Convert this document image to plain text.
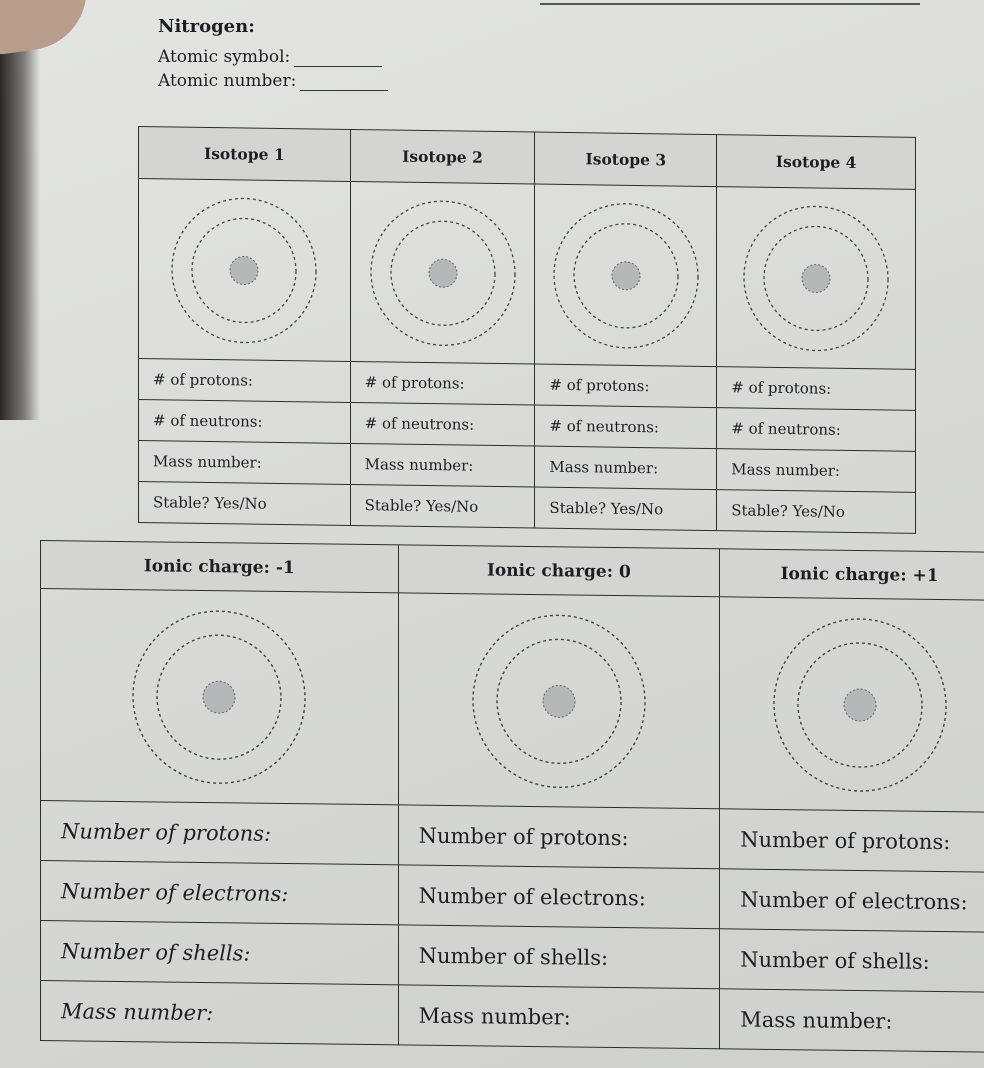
Nitrogen:
Atomic symbol:
Atomic number:
Isotope 1	Isotope 2	Isotope 3	Isotope 4

# of protons:	# of protons:	# of protons:	# of protons:
# of neutrons:	# of neutrons:	# of neutrons:	# of neutrons:
Mass number:	Mass number:	Mass number:	Mass number:
Stable? Yes/No	Stable? Yes/No	Stable? Yes/No	Stable? Yes/No
Ionic charge: -1	Ionic charge: 0	Ionic charge: +1

Number of protons:	Number of protons:	Number of protons:
Number of electrons:	Number of electrons:	Number of electrons:
Number of shells:	Number of shells:	Number of shells:
Mass number:	Mass number:	Mass number:
